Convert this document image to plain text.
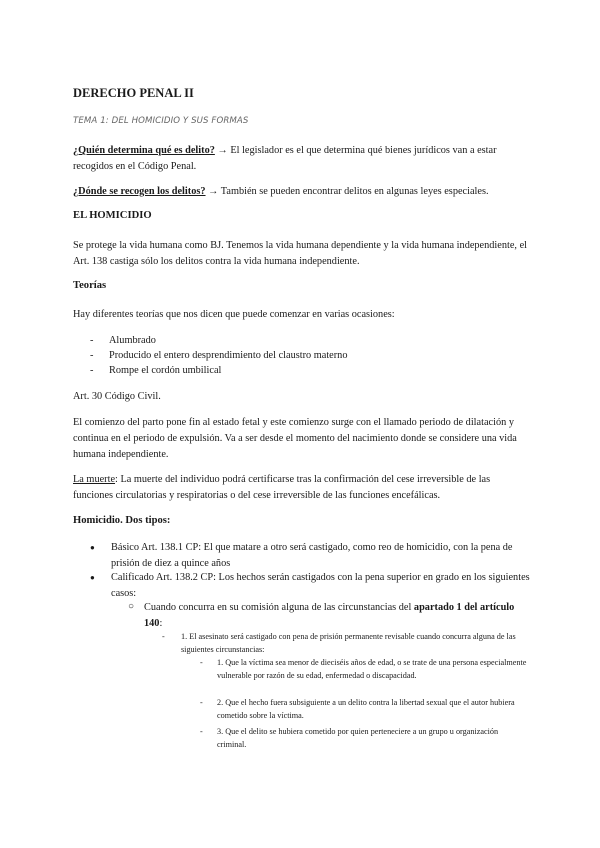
DERECHO PENAL II
TEMA 1: DEL HOMICIDIO Y SUS FORMAS
¿Quién determina qué es delito? → El legislador es el que determina qué bienes jurídicos van a estar recogidos en el Código Penal.
¿Dónde se recogen los delitos? → También se pueden encontrar delitos en algunas leyes especiales.
EL HOMICIDIO
Se protege la vida humana como BJ. Tenemos la vida humana dependiente y la vida humana independiente, el Art. 138 castiga sólo los delitos contra la vida humana independiente.
Teorías
Hay diferentes teorías que nos dicen que puede comenzar en varias ocasiones:
- Alumbrado
- Producido el entero desprendimiento del claustro materno
- Rompe el cordón umbilical
Art. 30 Código Civil.
El comienzo del parto pone fin al estado fetal y este comienzo surge con el llamado periodo de dilatación y continua en el periodo de expulsión. Va a ser desde el momento del nacimiento donde se considere una vida humana independiente.
La muerte: La muerte del individuo podrá certificarse tras la confirmación del cese irreversible de las funciones circulatorias y respiratorias o del cese irreversible de las funciones encefálicas.
Homicidio. Dos tipos:
● Básico Art. 138.1 CP: El que matare a otro será castigado, como reo de homicidio, con la pena de prisión de diez a quince años
● Calificado Art. 138.2 CP: Los hechos serán castigados con la pena superior en grado en los siguientes casos:
○ Cuando concurra en su comisión alguna de las circunstancias del apartado 1 del artículo 140:
- 1. El asesinato será castigado con pena de prisión permanente revisable cuando concurra alguna de las siguientes circunstancias:
- 1. Que la víctima sea menor de dieciséis años de edad, o se trate de una persona especialmente vulnerable por razón de su edad, enfermedad o discapacidad.
- 2. Que el hecho fuera subsiguiente a un delito contra la libertad sexual que el autor hubiera cometido sobre la víctima.
- 3. Que el delito se hubiera cometido por quien perteneciere a un grupo u organización criminal.
